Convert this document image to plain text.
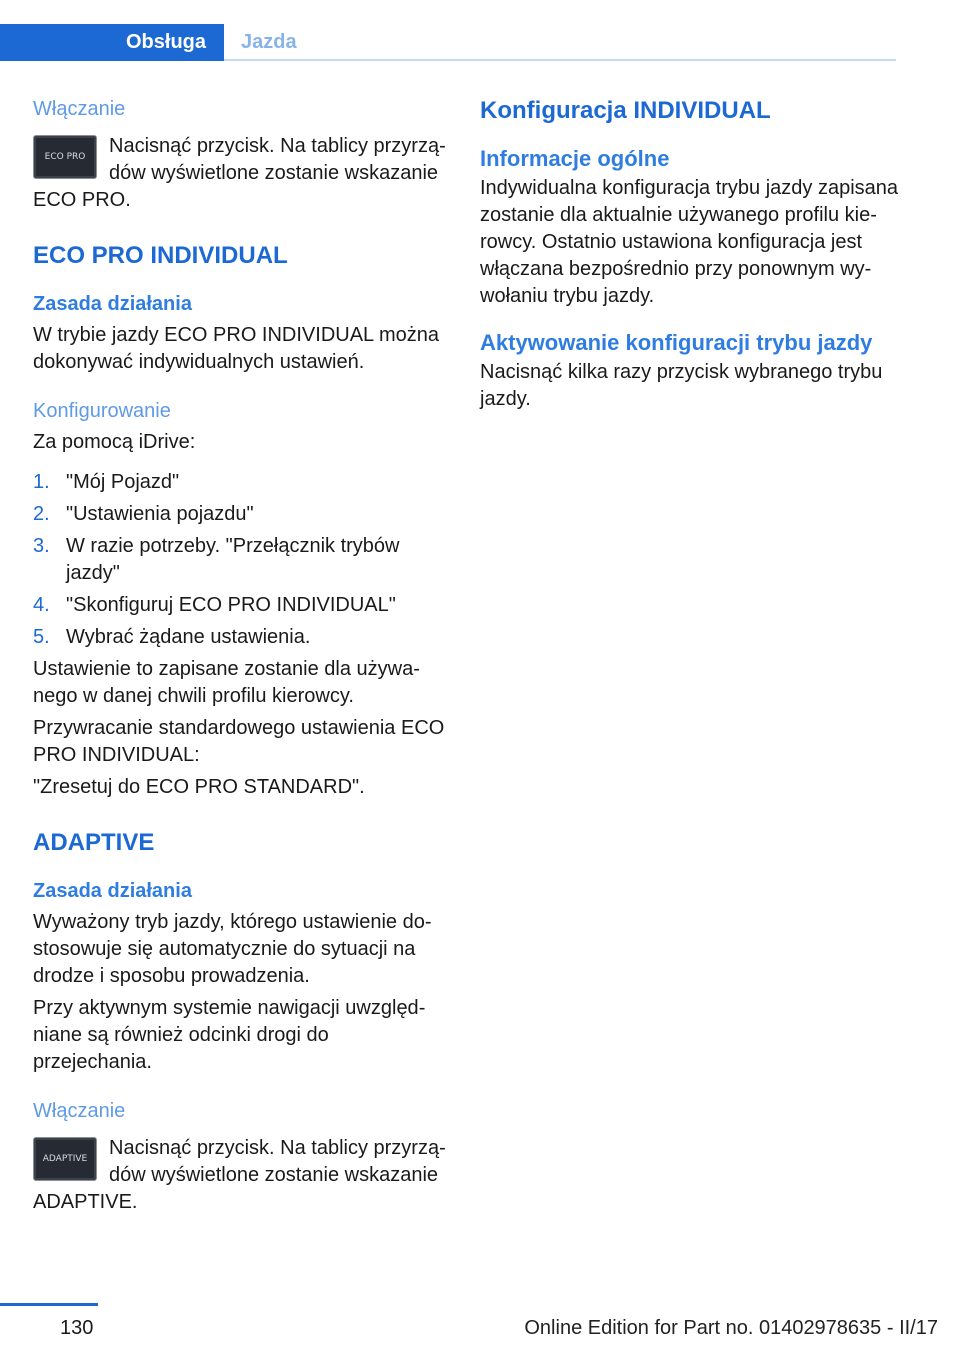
Obsługa	Jazda
Włączanie
ECO PRO	Nacisnąć przycisk. Na tablicy przyrządów wyświetlone zostanie wskazanie ECO PRO.

ECO PRO INDIVIDUAL
Zasada działania

W trybie jazdy ECO PRO INDIVIDUAL można dokonywać indywidualnych ustawień.

Konfigurowanie

Za pomocą iDrive:

1. "Mój Pojazd"
2. "Ustawienia pojazdu"
3. W razie potrzeby. "Przełącznik trybów jazdy"
4. "Skonfiguruj ECO PRO INDIVIDUAL"
5. Wybrać żądane ustawienia.

Ustawienie to zapisane zostanie dla używanego w danej chwili profilu kierowcy.

Przywracanie standardowego ustawienia ECO PRO INDIVIDUAL:

"Zresetuj do ECO PRO STANDARD".

ADAPTIVE
Zasada działania

Wyważony tryb jazdy, którego ustawienie dostosowuje się automatycznie do sytuacji na drodze i sposobu prowadzenia.

Przy aktywnym systemie nawigacji uwzględniane są również odcinki drogi do przejechania.

Włączanie
ADAPTIVE	Nacisnąć przycisk. Na tablicy przyrządów wyświetlone zostanie wskazanie ADAPTIVE.

Konfiguracja INDIVIDUAL
Informacje ogólne

Indywidualna konfiguracja trybu jazdy zapisana zostanie dla aktualnie używanego profilu kierowcy. Ostatnio ustawiona konfiguracja jest włączana bezpośrednio przy ponownym wywołaniu trybu jazdy.

Aktywowanie konfiguracji trybu jazdy

Nacisnąć kilka razy przycisk wybranego trybu jazdy.

130	Online Edition for Part no. 01402978635 - II/17
